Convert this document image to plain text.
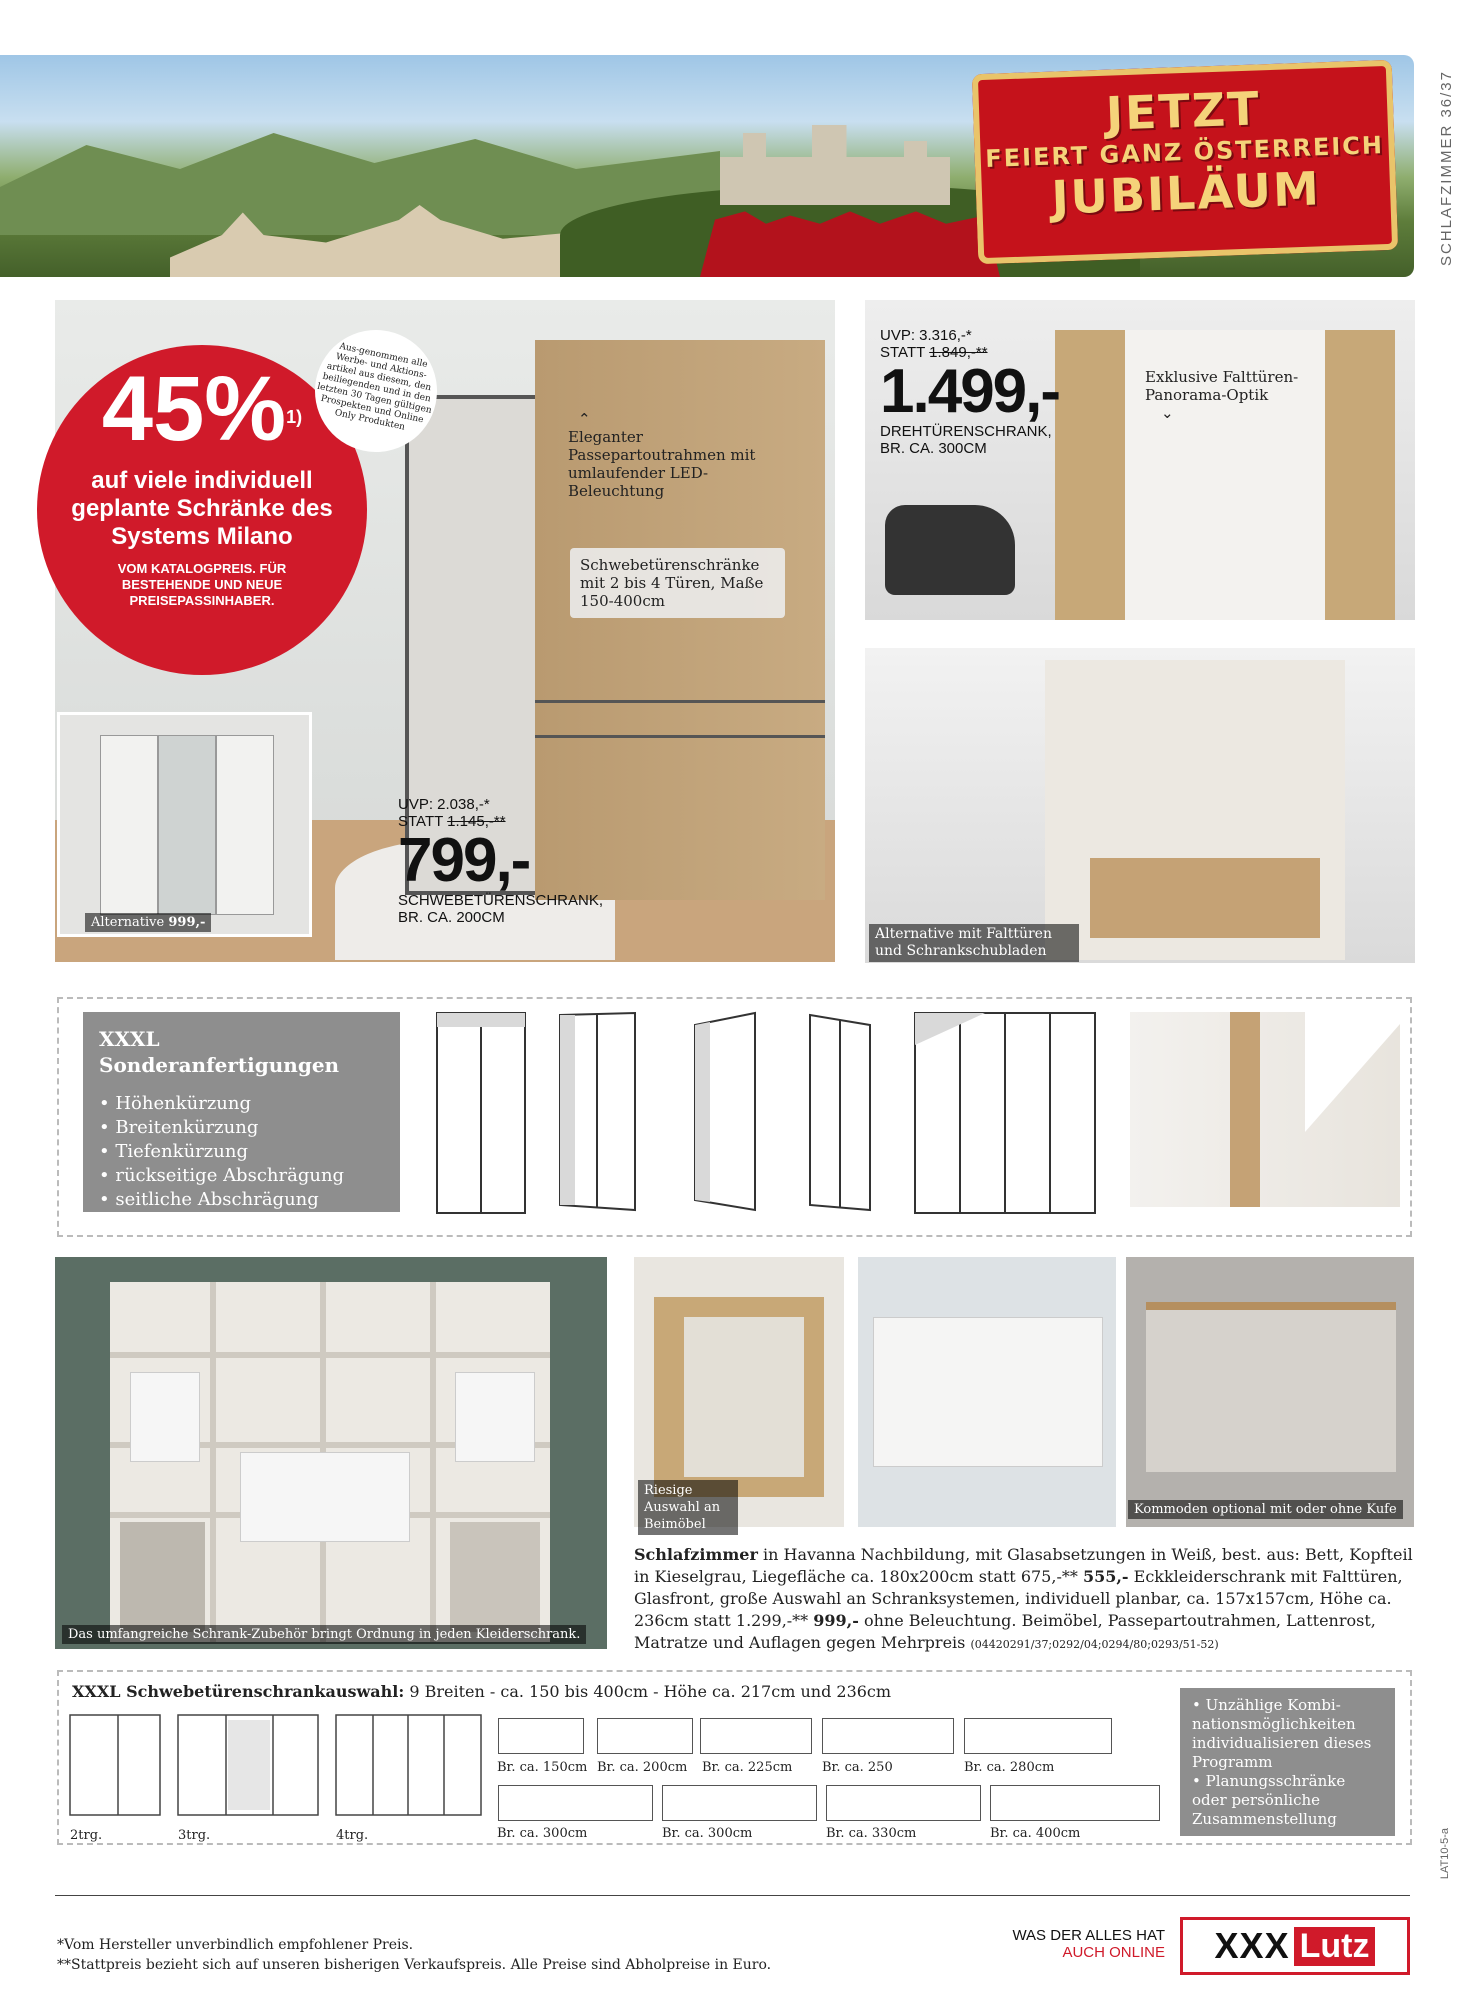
JETZT
FEIERT GANZ ÖSTERREICH
JUBILÄUM	SCHLAFZIMMER 36/37
45%$^{1)}$
auf viele individuell geplante Schränke des Systems Milano
VOM KATALOGPREIS. FÜR BESTEHENDE UND NEUE PREISEPASSINHABER.
Aus-genommen alle Werbe- und Aktions-artikel aus diesem, den beiliegenden und in den letzten 30 Tagen gültigen Prospekten und Online Only Produkten
Alternative 999,-
⌃
Eleganter Passepartoutrahmen mit umlaufender LED-Beleuchtung
Schwebetürenschränke mit 2 bis 4 Türen, Maße 150-400cm
UVP: 2.038,-*
STATT 1.145,-**
799,-
SCHWEBETÜRENSCHRANK,
BR. CA. 200CM
UVP: 3.316,-*
STATT 1.849,-**
1.499,-
DREHTÜRENSCHRANK,
BR. CA. 300CM
Exklusive Falttüren-Panorama-Optik
⌄
Alternative mit Falttüren und Schrankschubladen
XXXL
Sonderanfertigungen
• Höhenkürzung
• Breitenkürzung
• Tiefenkürzung
• rückseitige Abschrägung
• seitliche Abschrägung
Das umfangreiche Schrank-Zubehör bringt Ordnung in jeden Kleiderschrank.
Riesige Auswahl an Beimöbel
Kommoden optional mit oder ohne Kufe
Schlafzimmer in Havanna Nachbildung, mit Glasabsetzungen in Weiß, best. aus: Bett, Kopfteil in Kieselgrau, Liegefläche ca. 180x200cm statt 675,-** 555,- Eckkleiderschrank mit Falttüren, Glasfront, große Auswahl an Schranksystemen, individuell planbar, ca. 157x157cm, Höhe ca. 236cm statt 1.299,-** 999,- ohne Beleuchtung. Beimöbel, Passepartoutrahmen, Lattenrost, Matratze und Auflagen gegen Mehrpreis (04420291/37;0292/04;0294/80;0293/51-52)
XXXL Schwebetürenschrankauswahl: 9 Breiten - ca. 150 bis 400cm - Höhe ca. 217cm und 236cm
2trg.	3trg.	4trg.
Br. ca. 150cm Br. ca. 200cm Br. ca. 225cm Br. ca. 250	Br. ca. 280cm
Br. ca. 300cm	Br. ca. 300cm	Br. ca. 330cm	Br. ca. 400cm
• Unzählige Kombi-nationsmöglichkeiten individualisieren dieses Programm
• Planungsschränke oder persönliche Zusammenstellung
LAT10-5-a
*Vom Hersteller unverbindlich empfohlener Preis.
**Stattpreis bezieht sich auf unseren bisherigen Verkaufspreis. Alle Preise sind Abholpreise in Euro.
WAS DER ALLES HAT
AUCH ONLINE XXX Lutz
